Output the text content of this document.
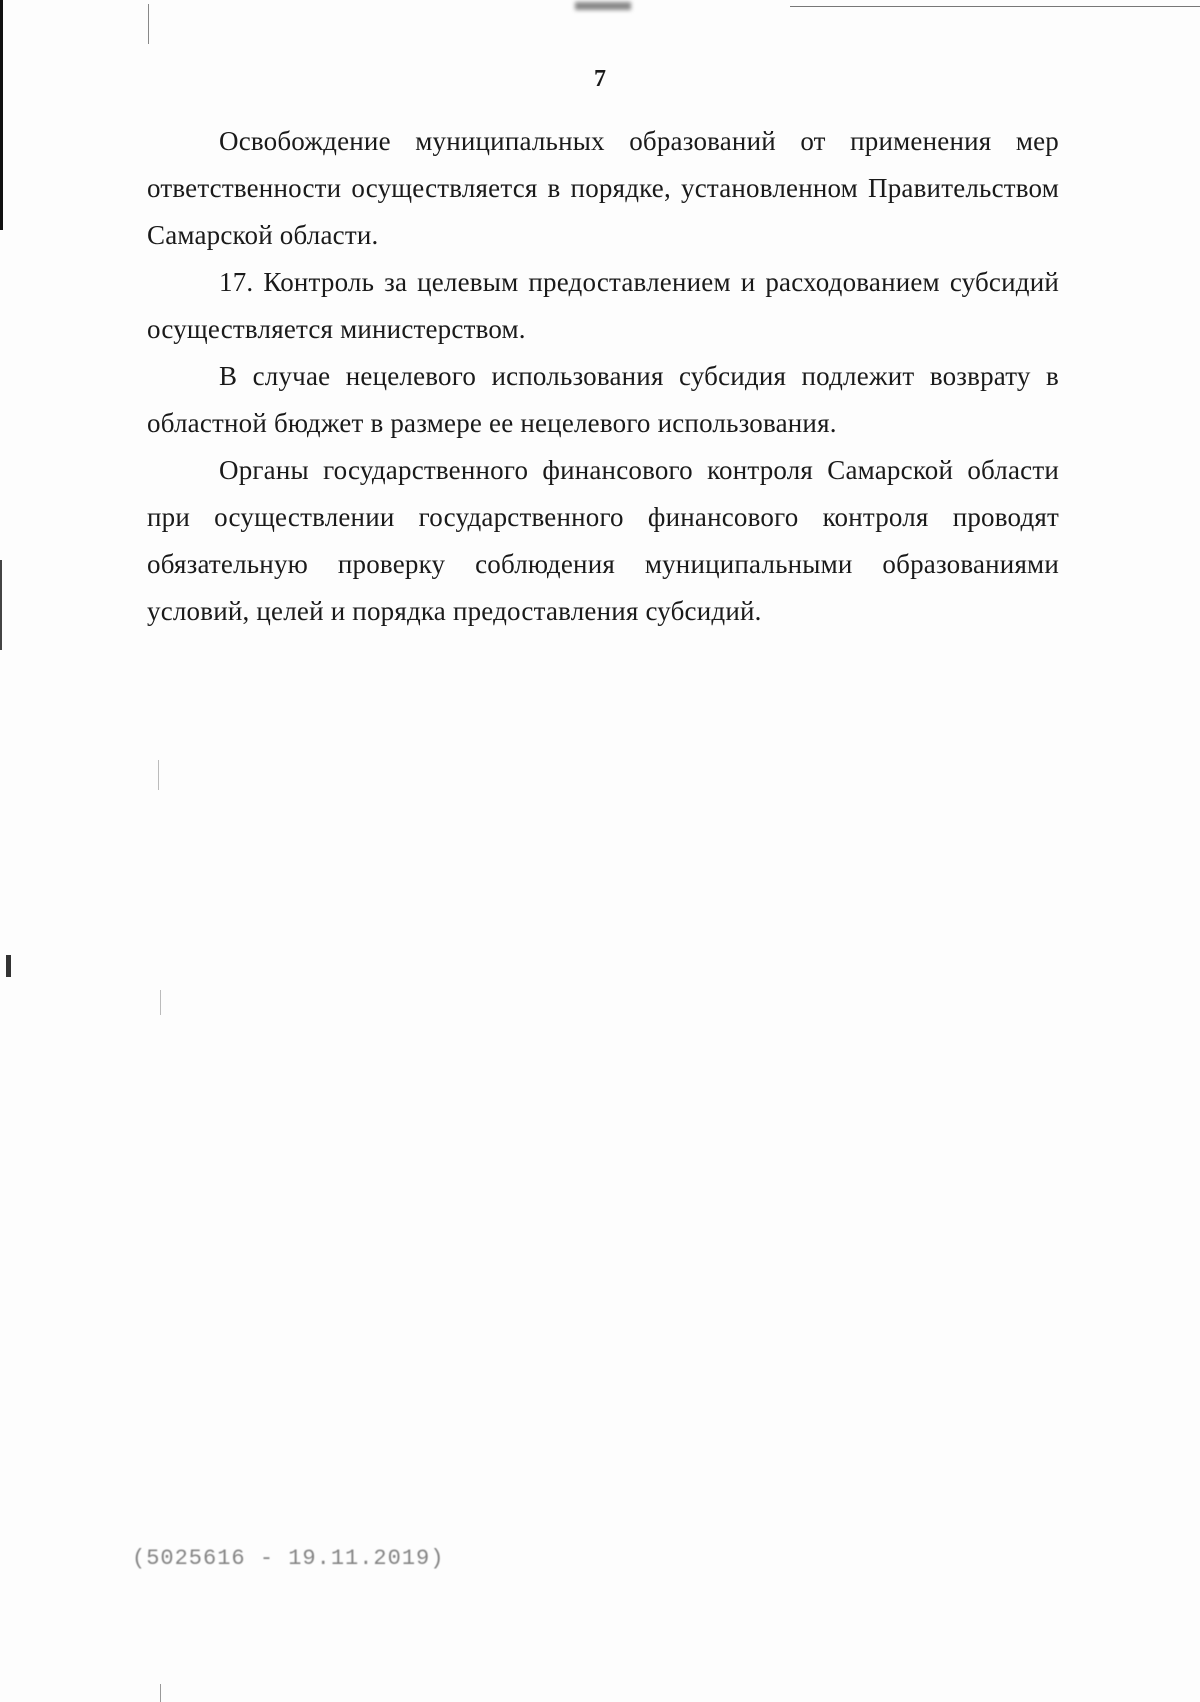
7

Освобождение муниципальных образований от применения мер ответственности осуществляется в порядке, установленном Правительством Самарской области.

17. Контроль за целевым предоставлением и расходованием субсидий осуществляется министерством.

В случае нецелевого использования субсидия подлежит возврату в областной бюджет в размере ее нецелевого использования.

Органы государственного финансового контроля Самарской области при осуществлении государственного финансового контроля проводят обязательную проверку соблюдения муниципальными образованиями условий, целей и порядка предоставления субсидий.

(5025616 - 19.11.2019)
